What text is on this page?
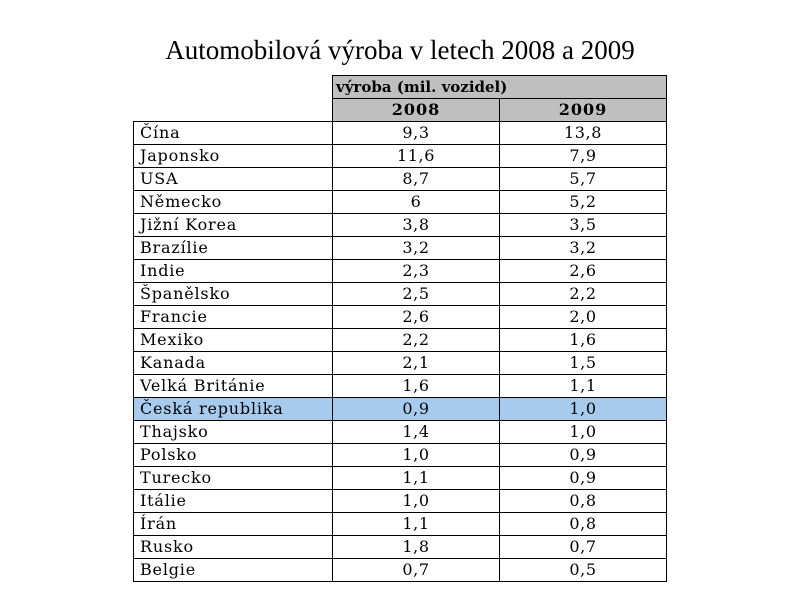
Automobilová výroba v letech 2008 a 2009
	výroba (mil. vozidel)	
	2008	2009
Čína	9,3	13,8
Japonsko	11,6	7,9
USA	8,7	5,7
Německo	6	5,2
Jižní Korea	3,8	3,5
Brazílie	3,2	3,2
Indie	2,3	2,6
Španělsko	2,5	2,2
Francie	2,6	2,0
Mexiko	2,2	1,6
Kanada	2,1	1,5
Velká Británie	1,6	1,1
Česká republika	0,9	1,0
Thajsko	1,4	1,0
Polsko	1,0	0,9
Turecko	1,1	0,9
Itálie	1,0	0,8
Írán	1,1	0,8
Rusko	1,8	0,7
Belgie	0,7	0,5
